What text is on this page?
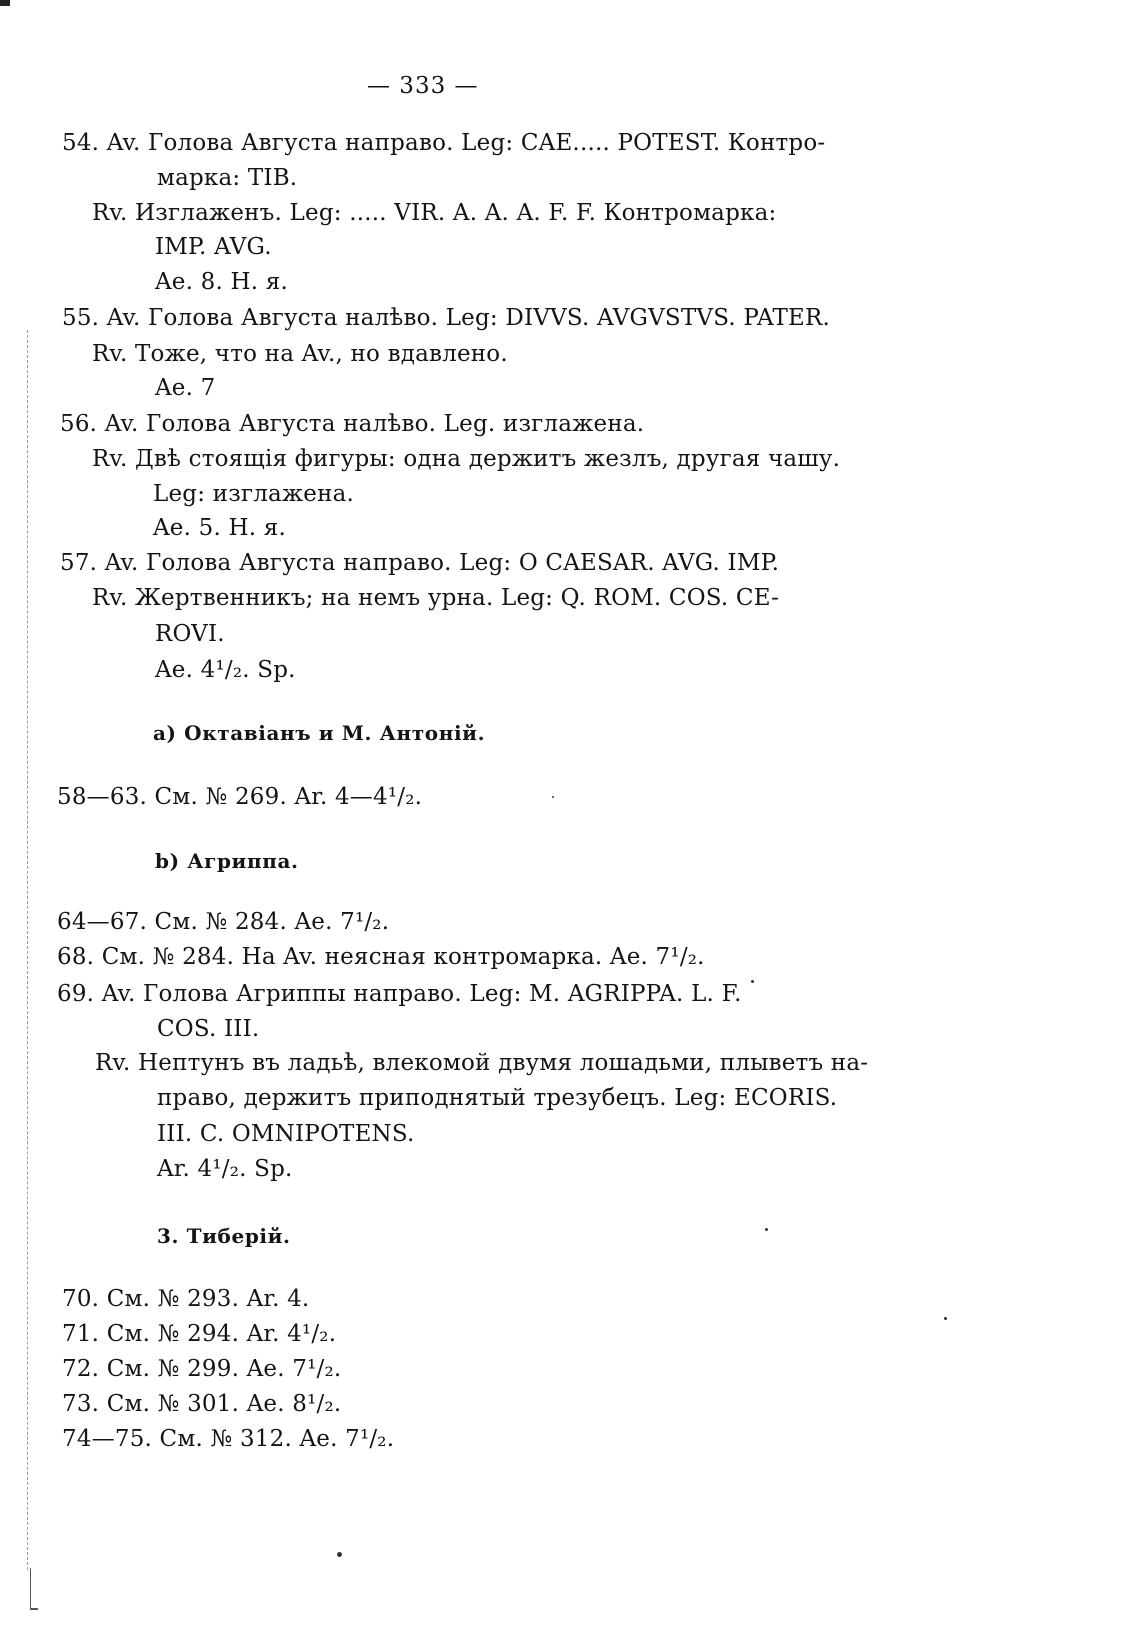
— 333 —
54. Av. Голова Августа направо. Leg: CAE..... POTEST. Контро-
марка: TIB.
Rv. Изглаженъ. Leg: ..... VIR. A. A. A. F. F. Контромарка:
IMP. AVG.
Ae. 8. H. я.
55. Av. Голова Августа налѣво. Leg: DIVVS. AVGVSTVS. PATER.
Rv. Тоже, что на Av., но вдавлено.
Ae. 7
56. Av. Голова Августа налѣво. Leg. изглажена.
Rv. Двѣ стоящія фигуры: одна держитъ жезлъ, другая чашу.
Leg: изглажена.
Ae. 5. H. я.
57. Av. Голова Августа направо. Leg: O CAESAR. AVG. IMP.
Rv. Жертвенникъ; на немъ урна. Leg: Q. ROM. COS. CE-
ROVI.
Ae. 4¹/₂. Sp.
a) Октавіанъ и М. Антоній.
58—63. См. № 269. Ar. 4—4¹/₂.
b) Агриппа.
64—67. См. № 284. Ae. 7¹/₂.
68. См. № 284. На Av. неясная контромарка. Ae. 7¹/₂.
69. Av. Голова Агриппы направо. Leg: M. AGRIPPA. L. F.
COS. III.
Rv. Нептунъ въ ладьѣ, влекомой двумя лошадьми, плыветъ на-
право, держитъ приподнятый трезубецъ. Leg: ECORIS.
III. C. OMNIPOTENS.
Ar. 4¹/₂. Sp.
3. Тиберій.
70. См. № 293. Ar. 4.
71. См. № 294. Ar. 4¹/₂.
72. См. № 299. Ae. 7¹/₂.
73. См. № 301. Ae. 8¹/₂.
74—75. См. № 312. Ae. 7¹/₂.
